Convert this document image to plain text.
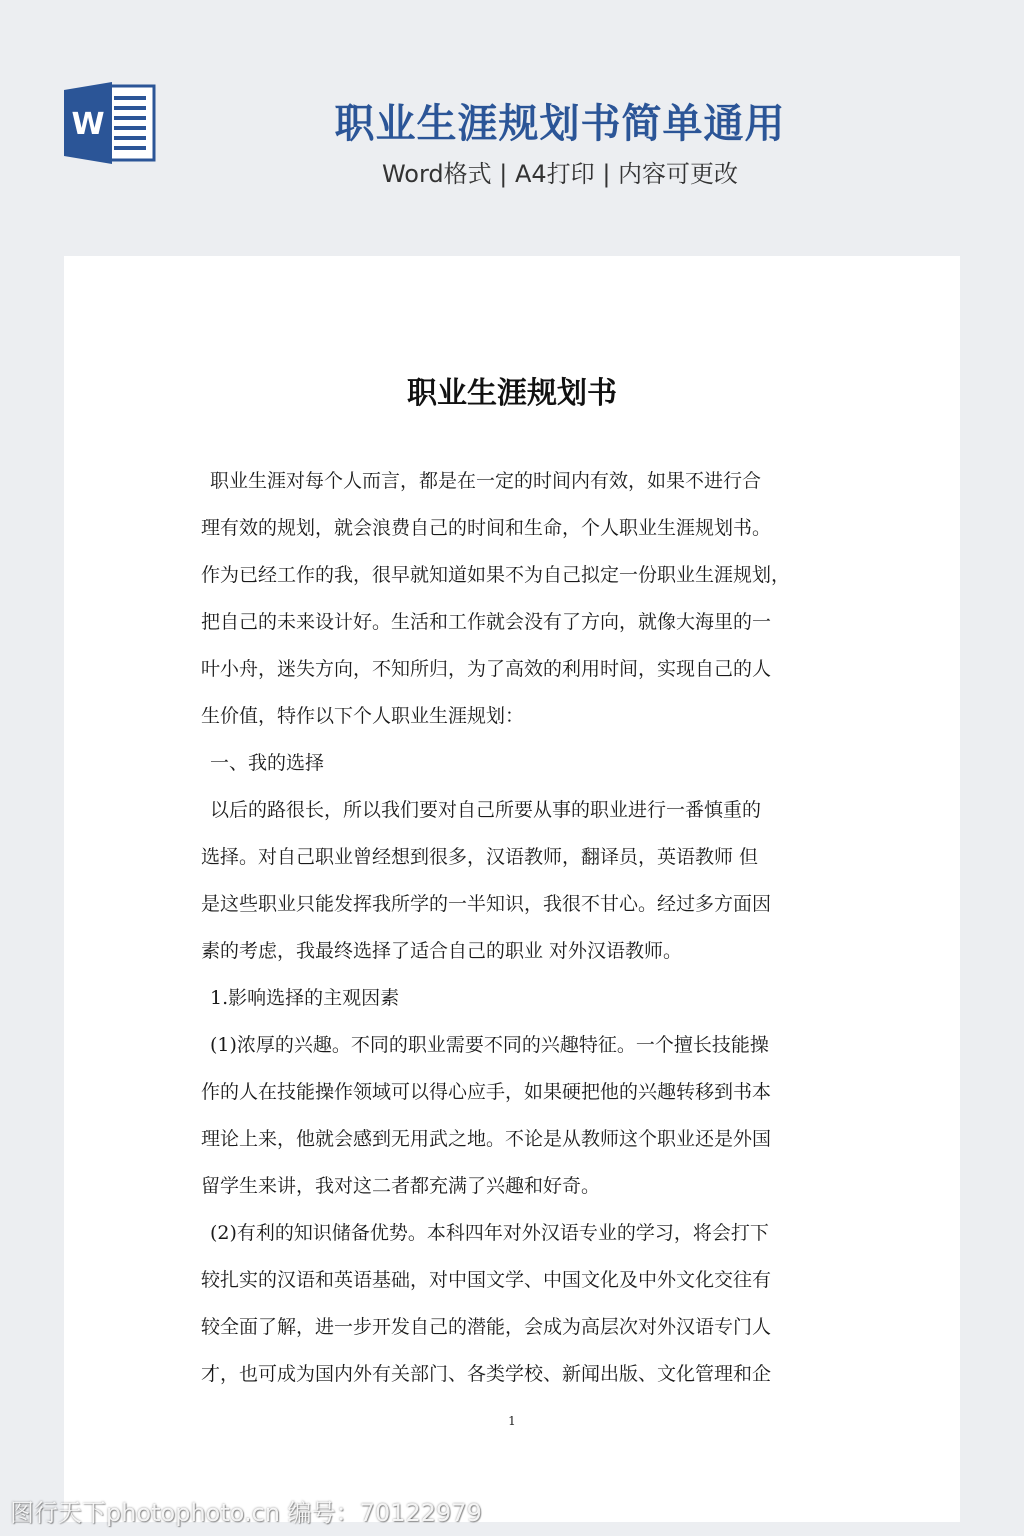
W	职业生涯规划书简单通用
Word格式 | A4打印 | 内容可更改
职业生涯规划书
职业生涯对每个人而言，都是在一定的时间内有效，如果不进行合
理有效的规划，就会浪费自己的时间和生命，个人职业生涯规划书。
作为已经工作的我，很早就知道如果不为自己拟定一份职业生涯规划，
把自己的未来设计好。生活和工作就会没有了方向，就像大海里的一
叶小舟，迷失方向，不知所归，为了高效的利用时间，实现自己的人
生价值，特作以下个人职业生涯规划：
一、我的选择
以后的路很长，所以我们要对自己所要从事的职业进行一番慎重的
选择。对自己职业曾经想到很多，汉语教师，翻译员，英语教师 但
是这些职业只能发挥我所学的一半知识，我很不甘心。经过多方面因
素的考虑，我最终选择了适合自己的职业 对外汉语教师。
1.影响选择的主观因素
(1)浓厚的兴趣。不同的职业需要不同的兴趣特征。一个擅长技能操
作的人在技能操作领域可以得心应手，如果硬把他的兴趣转移到书本
理论上来，他就会感到无用武之地。不论是从教师这个职业还是外国
留学生来讲，我对这二者都充满了兴趣和好奇。
(2)有利的知识储备优势。本科四年对外汉语专业的学习，将会打下
较扎实的汉语和英语基础，对中国文学、中国文化及中外文化交往有
较全面了解，进一步开发自己的潜能，会成为高层次对外汉语专门人
才，也可成为国内外有关部门、各类学校、新闻出版、文化管理和企
1
图行天下photophoto.cn 编号：70122979
